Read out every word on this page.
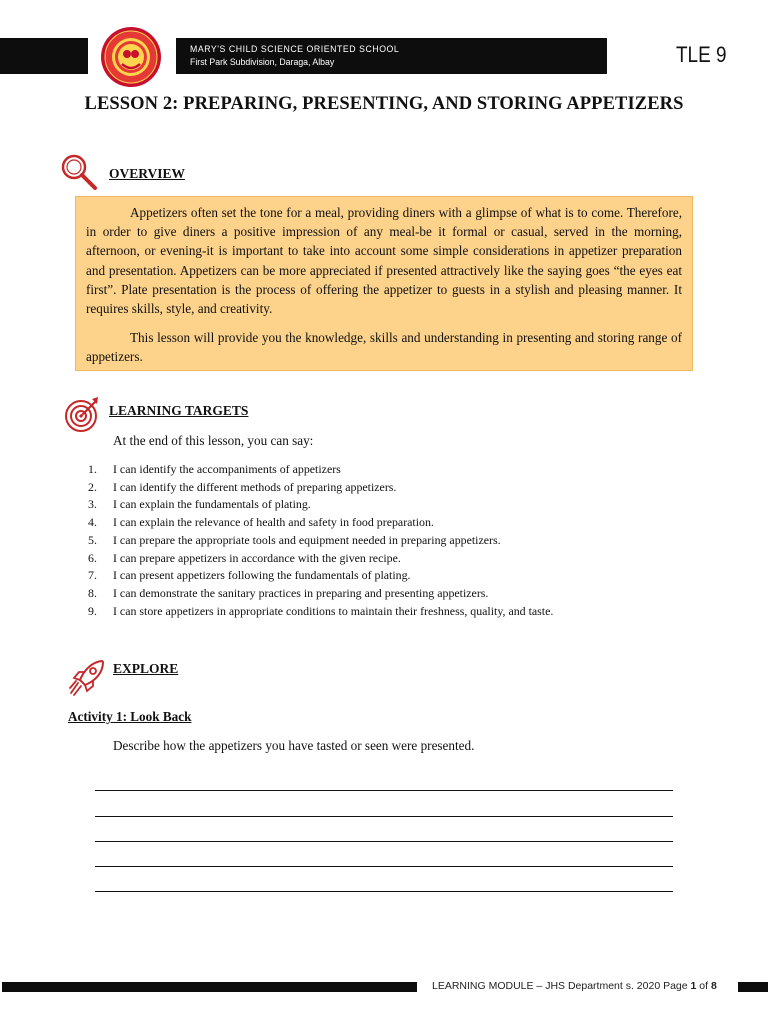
MARY'S CHILD SCIENCE ORIENTED SCHOOL
First Park Subdivision, Daraga, Albay	TLE 9
LESSON 2: PREPARING, PRESENTING, AND STORING APPETIZERS
OVERVIEW

Appetizers often set the tone for a meal, providing diners with a glimpse of what is to come. Therefore, in order to give diners a positive impression of any meal-be it formal or casual, served in the morning, afternoon, or evening-it is important to take into account some simple considerations in appetizer preparation and presentation. Appetizers can be more appreciated if presented attractively like the saying goes “the eyes eat first”. Plate presentation is the process of offering the appetizer to guests in a stylish and pleasing manner. It requires skills, style, and creativity.

This lesson will provide you the knowledge, skills and understanding in presenting and storing range of appetizers.

LEARNING TARGETS
At the end of this lesson, you can say:
1.	I can identify the accompaniments of appetizers
2.	I can identify the different methods of preparing appetizers.
3.	I can explain the fundamentals of plating.
4.	I can explain the relevance of health and safety in food preparation.
5.	I can prepare the appropriate tools and equipment needed in preparing appetizers.
6.	I can prepare appetizers in accordance with the given recipe.
7.	I can present appetizers following the fundamentals of plating.
8.	I can demonstrate the sanitary practices in preparing and presenting appetizers.
9.	I can store appetizers in appropriate conditions to maintain their freshness, quality, and taste.
EXPLORE
Activity 1: Look Back
Describe how the appetizers you have tasted or seen were presented.
LEARNING MODULE – JHS Department s. 2020 Page 1 of 8
